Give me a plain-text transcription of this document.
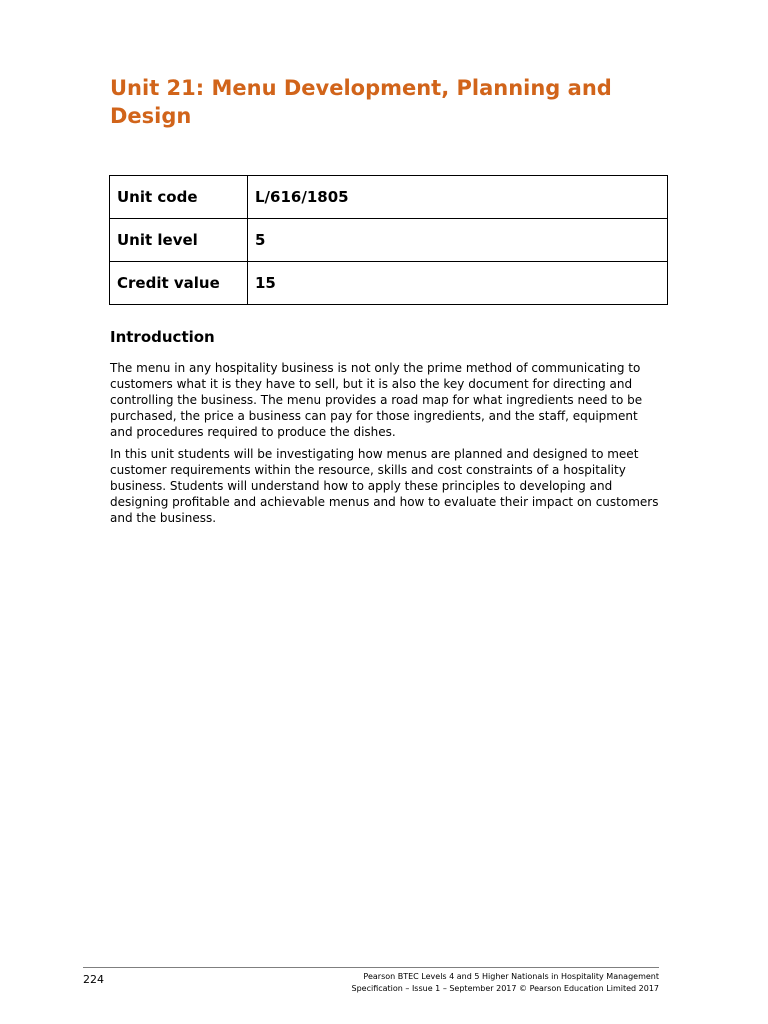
Unit 21: Menu Development, Planning and Design
Unit code	L/616/1805
Unit level	5
Credit value	15
Introduction

The menu in any hospitality business is not only the prime method of communicating to customers what it is they have to sell, but it is also the key document for directing and controlling the business. The menu provides a road map for what ingredients need to be purchased, the price a business can pay for those ingredients, and the staff, equipment and procedures required to produce the dishes.

In this unit students will be investigating how menus are planned and designed to meet customer requirements within the resource, skills and cost constraints of a hospitality business. Students will understand how to apply these principles to developing and designing profitable and achievable menus and how to evaluate their impact on customers and the business.

224	Pearson BTEC Levels 4 and 5 Higher Nationals in Hospitality Management
Specification – Issue 1 – September 2017 © Pearson Education Limited 2017
